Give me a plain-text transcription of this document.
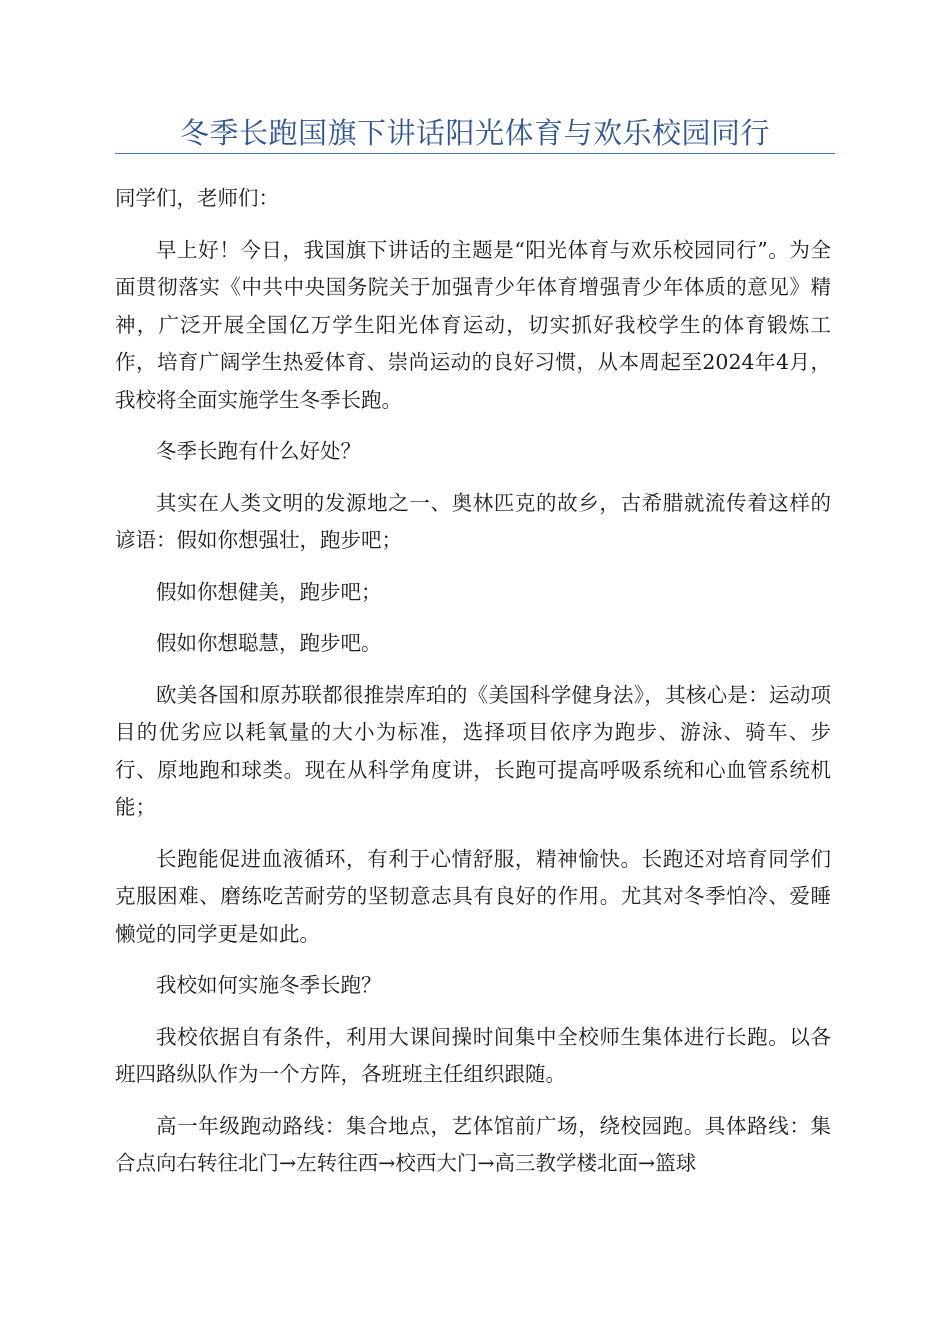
冬季长跑国旗下讲话阳光体育与欢乐校园同行

同学们，老师们：

早上好！今日，我国旗下讲话的主题是“阳光体育与欢乐校园同行”。为全面贯彻落实《中共中央国务院关于加强青少年体育增强青少年体质的意见》精神，广泛开展全国亿万学生阳光体育运动，切实抓好我校学生的体育锻炼工作，培育广阔学生热爱体育、崇尚运动的良好习惯，从本周起至2024年4月，我校将全面实施学生冬季长跑。

冬季长跑有什么好处？

其实在人类文明的发源地之一、奥林匹克的故乡，古希腊就流传着这样的谚语：假如你想强壮，跑步吧；

假如你想健美，跑步吧；

假如你想聪慧，跑步吧。

欧美各国和原苏联都很推崇库珀的《美国科学健身法》，其核心是：运动项目的优劣应以耗氧量的大小为标准，选择项目依序为跑步、游泳、骑车、步行、原地跑和球类。现在从科学角度讲，长跑可提高呼吸系统和心血管系统机能；

长跑能促进血液循环，有利于心情舒服，精神愉快。长跑还对培育同学们克服困难、磨练吃苦耐劳的坚韧意志具有良好的作用。尤其对冬季怕冷、爱睡懒觉的同学更是如此。

我校如何实施冬季长跑？

我校依据自有条件，利用大课间操时间集中全校师生集体进行长跑。以各班四路纵队作为一个方阵，各班班主任组织跟随。

高一年级跑动路线：集合地点，艺体馆前广场，绕校园跑。具体路线：集合点向右转往北门→左转往西→校西大门→高三教学楼北面→篮球
